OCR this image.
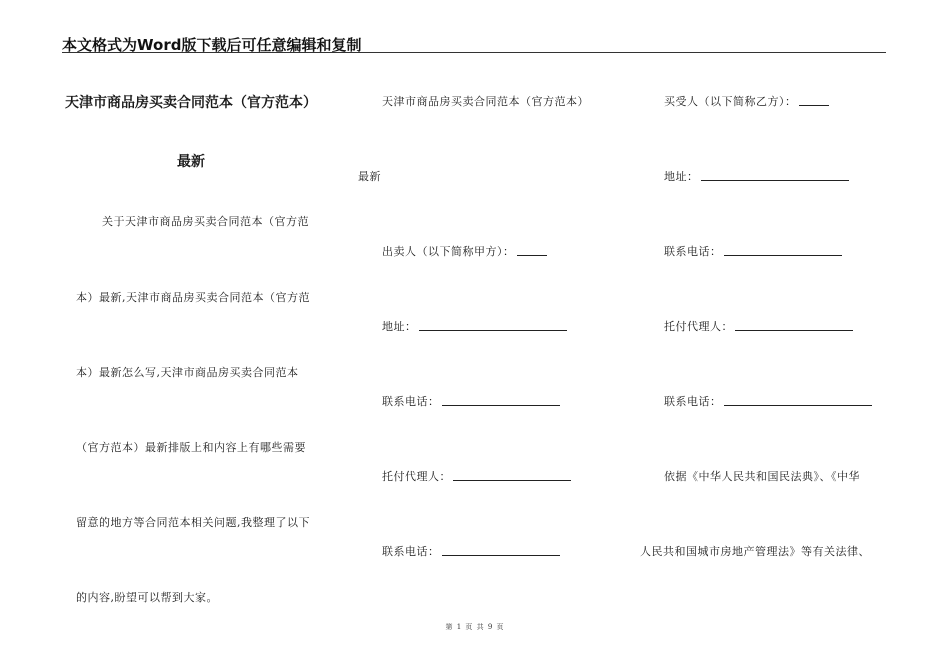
本文格式为Word版下载后可任意编辑和复制
天津市商品房买卖合同范本（官方范本）
最新
关于天津市商品房买卖合同范本（官方范
本）最新,天津市商品房买卖合同范本（官方范
本）最新怎么写,天津市商品房买卖合同范本
（官方范本）最新排版上和内容上有哪些需要
留意的地方等合同范本相关问题,我整理了以下
的内容,盼望可以帮到大家。
天津市商品房买卖合同范本（官方范本）
最新
出卖人（以下简称甲方）：
地址：
联系电话：
托付代理人：
联系电话：
买受人（以下简称乙方）：
地址：
联系电话：
托付代理人：
联系电话：
依据《中华人民共和国民法典》、《中华
人民共和国城市房地产管理法》等有关法律、
第 1 页 共 9 页
